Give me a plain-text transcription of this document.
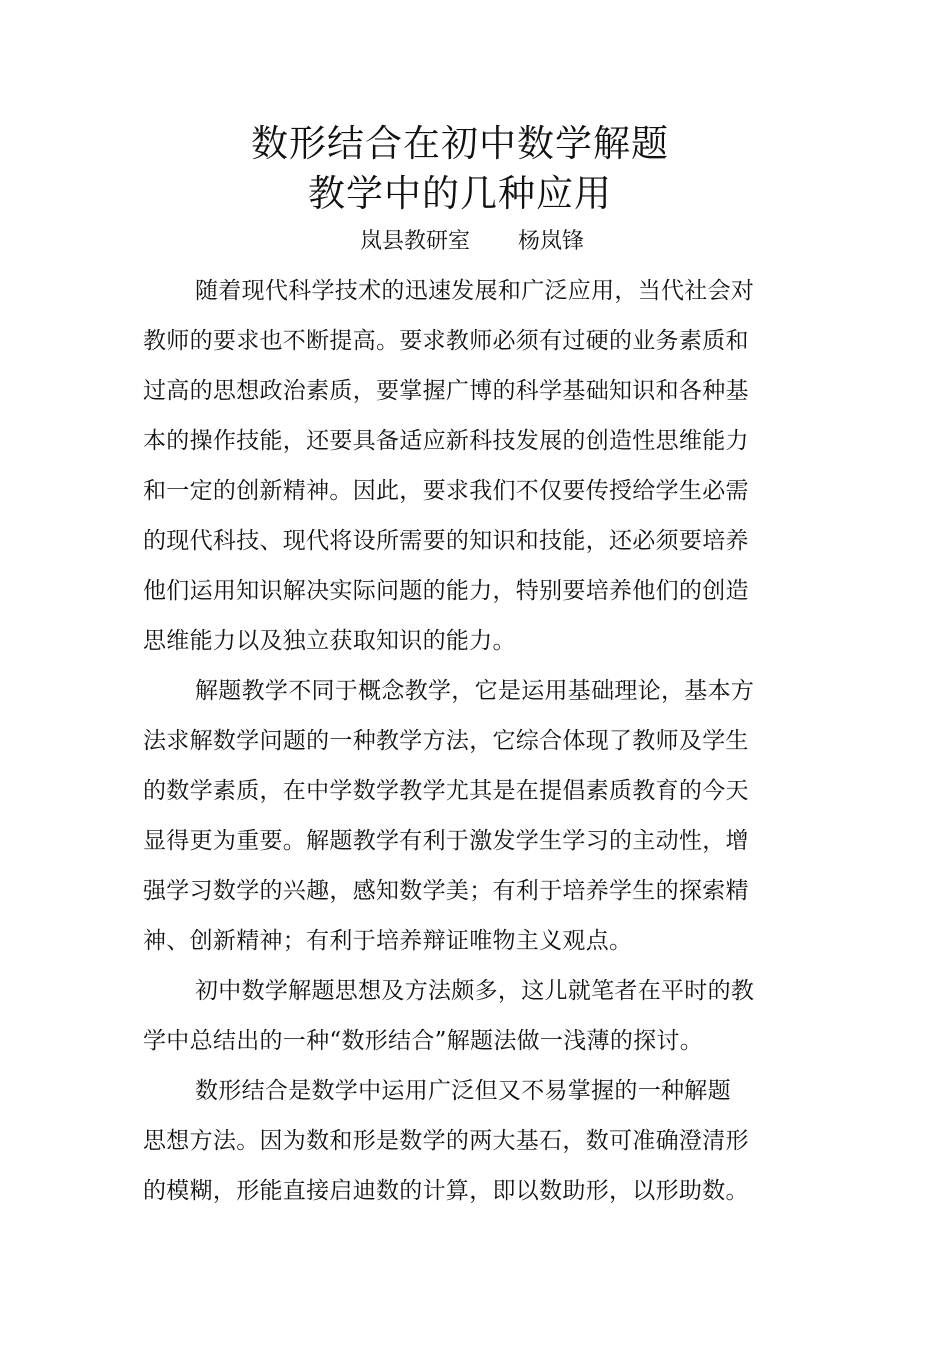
数形结合在初中数学解题
教学中的几种应用
岚县教研室 杨岚锋
随着现代科学技术的迅速发展和广泛应用，当代社会对
教师的要求也不断提高。要求教师必须有过硬的业务素质和
过高的思想政治素质，要掌握广博的科学基础知识和各种基
本的操作技能，还要具备适应新科技发展的创造性思维能力
和一定的创新精神。因此，要求我们不仅要传授给学生必需
的现代科技、现代将设所需要的知识和技能，还必须要培养
他们运用知识解决实际问题的能力，特别要培养他们的创造
思维能力以及独立获取知识的能力。
解题教学不同于概念教学，它是运用基础理论，基本方
法求解数学问题的一种教学方法，它综合体现了教师及学生
的数学素质，在中学数学教学尤其是在提倡素质教育的今天
显得更为重要。解题教学有利于激发学生学习的主动性，增
强学习数学的兴趣，感知数学美；有利于培养学生的探索精
神、创新精神；有利于培养辩证唯物主义观点。
初中数学解题思想及方法颇多，这儿就笔者在平时的教
学中总结出的一种“数形结合”解题法做一浅薄的探讨。
数形结合是数学中运用广泛但又不易掌握的一种解题
思想方法。因为数和形是数学的两大基石，数可准确澄清形
的模糊，形能直接启迪数的计算，即以数助形，以形助数。
